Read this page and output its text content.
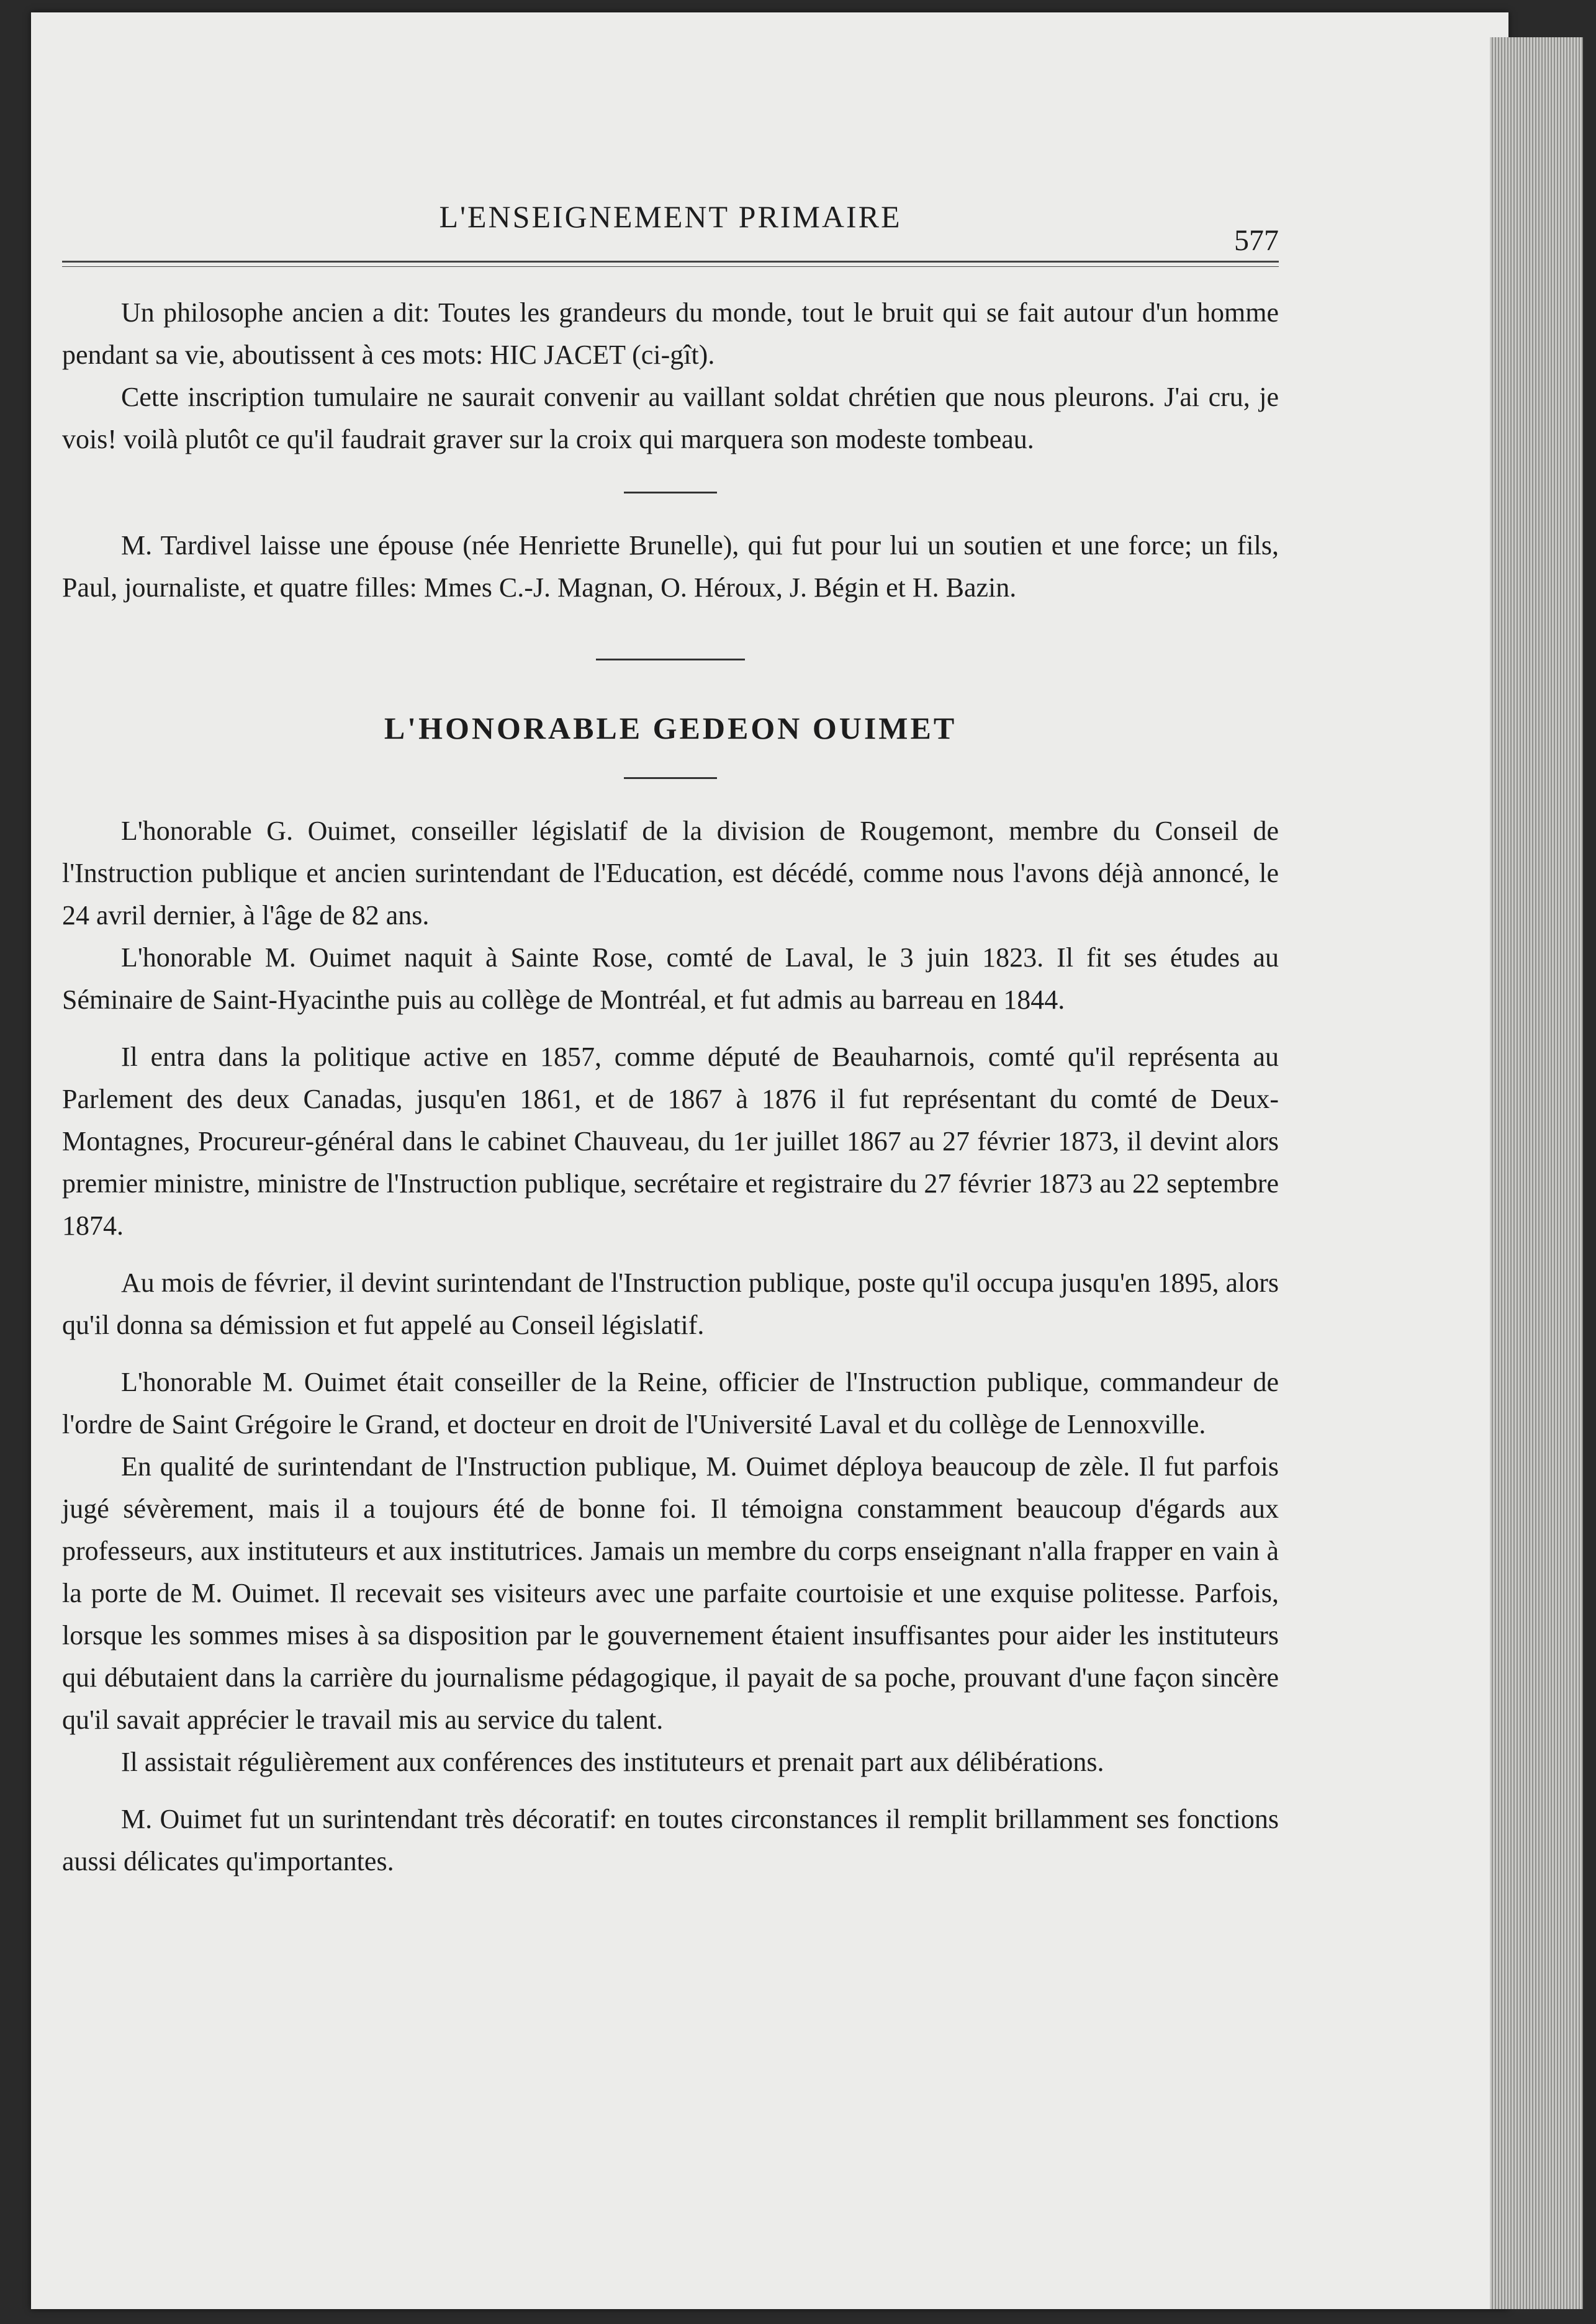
L'ENSEIGNEMENT PRIMAIRE
577

Un philosophe ancien a dit: Toutes les grandeurs du monde, tout le bruit qui se fait autour d'un homme pendant sa vie, aboutissent à ces mots: HIC JACET (ci-gît).

Cette inscription tumulaire ne saurait convenir au vaillant soldat chrétien que nous pleurons. J'ai cru, je vois! voilà plutôt ce qu'il faudrait graver sur la croix qui marquera son modeste tombeau.

M. Tardivel laisse une épouse (née Henriette Brunelle), qui fut pour lui un soutien et une force; un fils, Paul, journaliste, et quatre filles: Mmes C.-J. Magnan, O. Héroux, J. Bégin et H. Bazin.

L'HONORABLE GEDEON OUIMET

L'honorable G. Ouimet, conseiller législatif de la division de Rougemont, membre du Conseil de l'Instruction publique et ancien surintendant de l'Education, est décédé, comme nous l'avons déjà annoncé, le 24 avril dernier, à l'âge de 82 ans.

L'honorable M. Ouimet naquit à Sainte Rose, comté de Laval, le 3 juin 1823. Il fit ses études au Séminaire de Saint-Hyacinthe puis au collège de Montréal, et fut admis au barreau en 1844.

Il entra dans la politique active en 1857, comme député de Beauharnois, comté qu'il représenta au Parlement des deux Canadas, jusqu'en 1861, et de 1867 à 1876 il fut représentant du comté de Deux-Montagnes, Procureur-général dans le cabinet Chauveau, du 1er juillet 1867 au 27 février 1873, il devint alors premier ministre, ministre de l'Instruction publique, secrétaire et registraire du 27 février 1873 au 22 septembre 1874.

Au mois de février, il devint surintendant de l'Instruction publique, poste qu'il occupa jusqu'en 1895, alors qu'il donna sa démission et fut appelé au Conseil législatif.

L'honorable M. Ouimet était conseiller de la Reine, officier de l'Instruction publique, commandeur de l'ordre de Saint Grégoire le Grand, et docteur en droit de l'Université Laval et du collège de Lennoxville.

En qualité de surintendant de l'Instruction publique, M. Ouimet déploya beaucoup de zèle. Il fut parfois jugé sévèrement, mais il a toujours été de bonne foi. Il témoigna constamment beaucoup d'égards aux professeurs, aux instituteurs et aux institutrices. Jamais un membre du corps enseignant n'alla frapper en vain à la porte de M. Ouimet. Il recevait ses visiteurs avec une parfaite courtoisie et une exquise politesse. Parfois, lorsque les sommes mises à sa disposition par le gouvernement étaient insuffisantes pour aider les instituteurs qui débutaient dans la carrière du journalisme pédagogique, il payait de sa poche, prouvant d'une façon sincère qu'il savait apprécier le travail mis au service du talent.

Il assistait régulièrement aux conférences des instituteurs et prenait part aux délibérations.

M. Ouimet fut un surintendant très décoratif: en toutes circonstances il remplit brillamment ses fonctions aussi délicates qu'importantes.
